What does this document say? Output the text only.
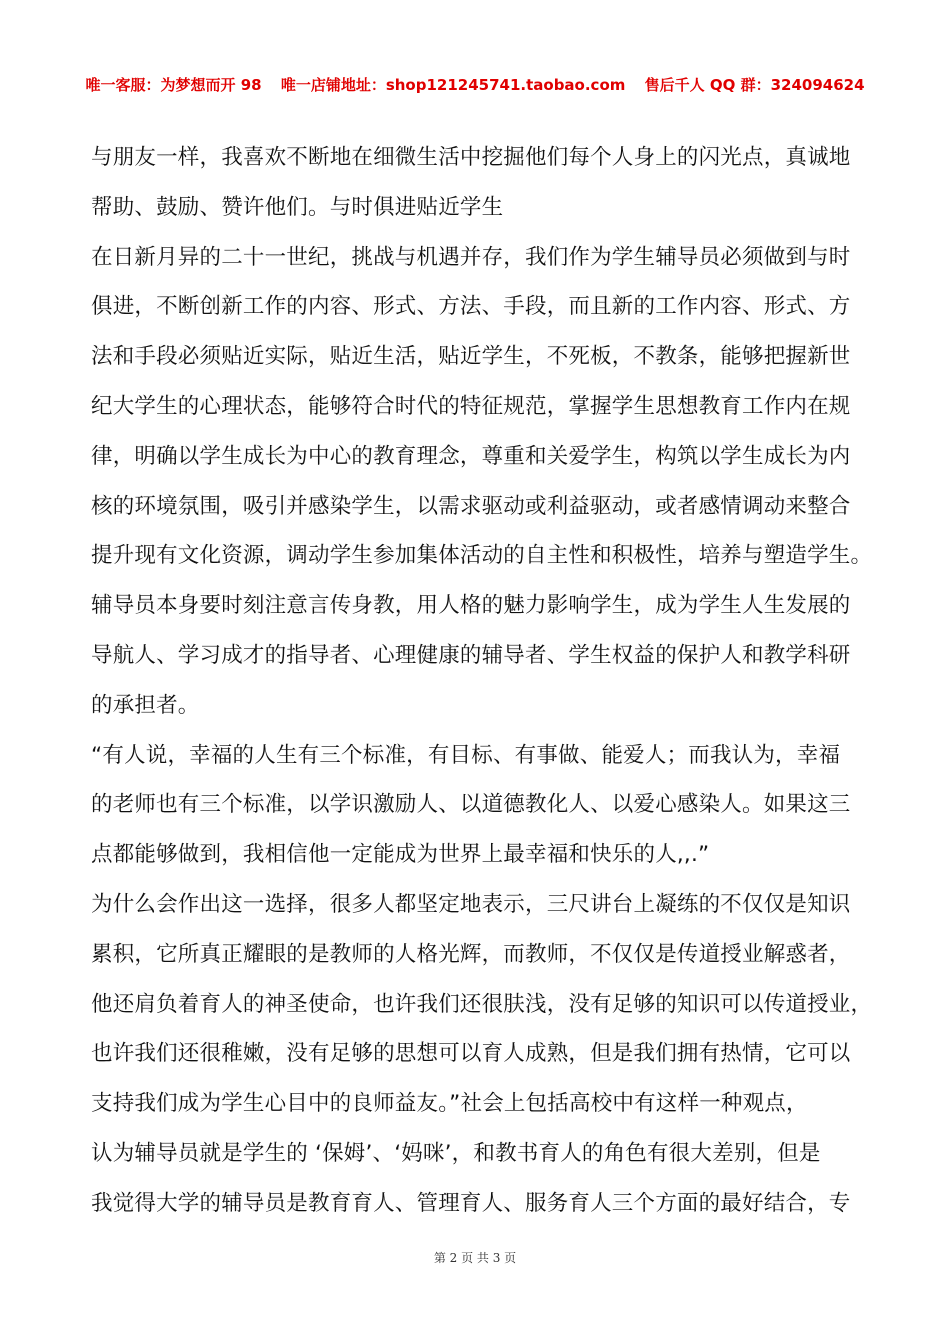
唯一客服：为梦想而开 98 唯一店铺地址：shop121245741.taobao.com 售后千人 QQ 群：324094624
与朋友一样，我喜欢不断地在细微生活中挖掘他们每个人身上的闪光点，真诚地
帮助、鼓励、赞许他们。与时俱进贴近学生
在日新月异的二十一世纪，挑战与机遇并存，我们作为学生辅导员必须做到与时
俱进，不断创新工作的内容、形式、方法、手段，而且新的工作内容、形式、方
法和手段必须贴近实际，贴近生活，贴近学生，不死板，不教条，能够把握新世
纪大学生的心理状态，能够符合时代的特征规范，掌握学生思想教育工作内在规
律，明确以学生成长为中心的教育理念，尊重和关爱学生，构筑以学生成长为内
核的环境氛围，吸引并感染学生，以需求驱动或利益驱动，或者感情调动来整合
提升现有文化资源，调动学生参加集体活动的自主性和积极性，培养与塑造学生。
辅导员本身要时刻注意言传身教，用人格的魅力影响学生，成为学生人生发展的
导航人、学习成才的指导者、心理健康的辅导者、学生权益的保护人和教学科研
的承担者。
“有人说，幸福的人生有三个标准，有目标、有事做、能爱人；而我认为，幸福
的老师也有三个标准，以学识激励人、以道德教化人、以爱心感染人。如果这三
点都能够做到，我相信他一定能成为世界上最幸福和快乐的人,,.”
为什么会作出这一选择，很多人都坚定地表示，三尺讲台上凝练的不仅仅是知识
累积，它所真正耀眼的是教师的人格光辉，而教师，不仅仅是传道授业解惑者，
他还肩负着育人的神圣使命，也许我们还很肤浅，没有足够的知识可以传道授业，
也许我们还很稚嫩，没有足够的思想可以育人成熟，但是我们拥有热情，它可以
支持我们成为学生心目中的良师益友。”社会上包括高校中有这样一种观点，
认为辅导员就是学生的 ‘保姆’、‘妈咪’，和教书育人的角色有很大差别，但是
我觉得大学的辅导员是教育育人、管理育人、服务育人三个方面的最好结合，专
第 2 页 共 3 页
